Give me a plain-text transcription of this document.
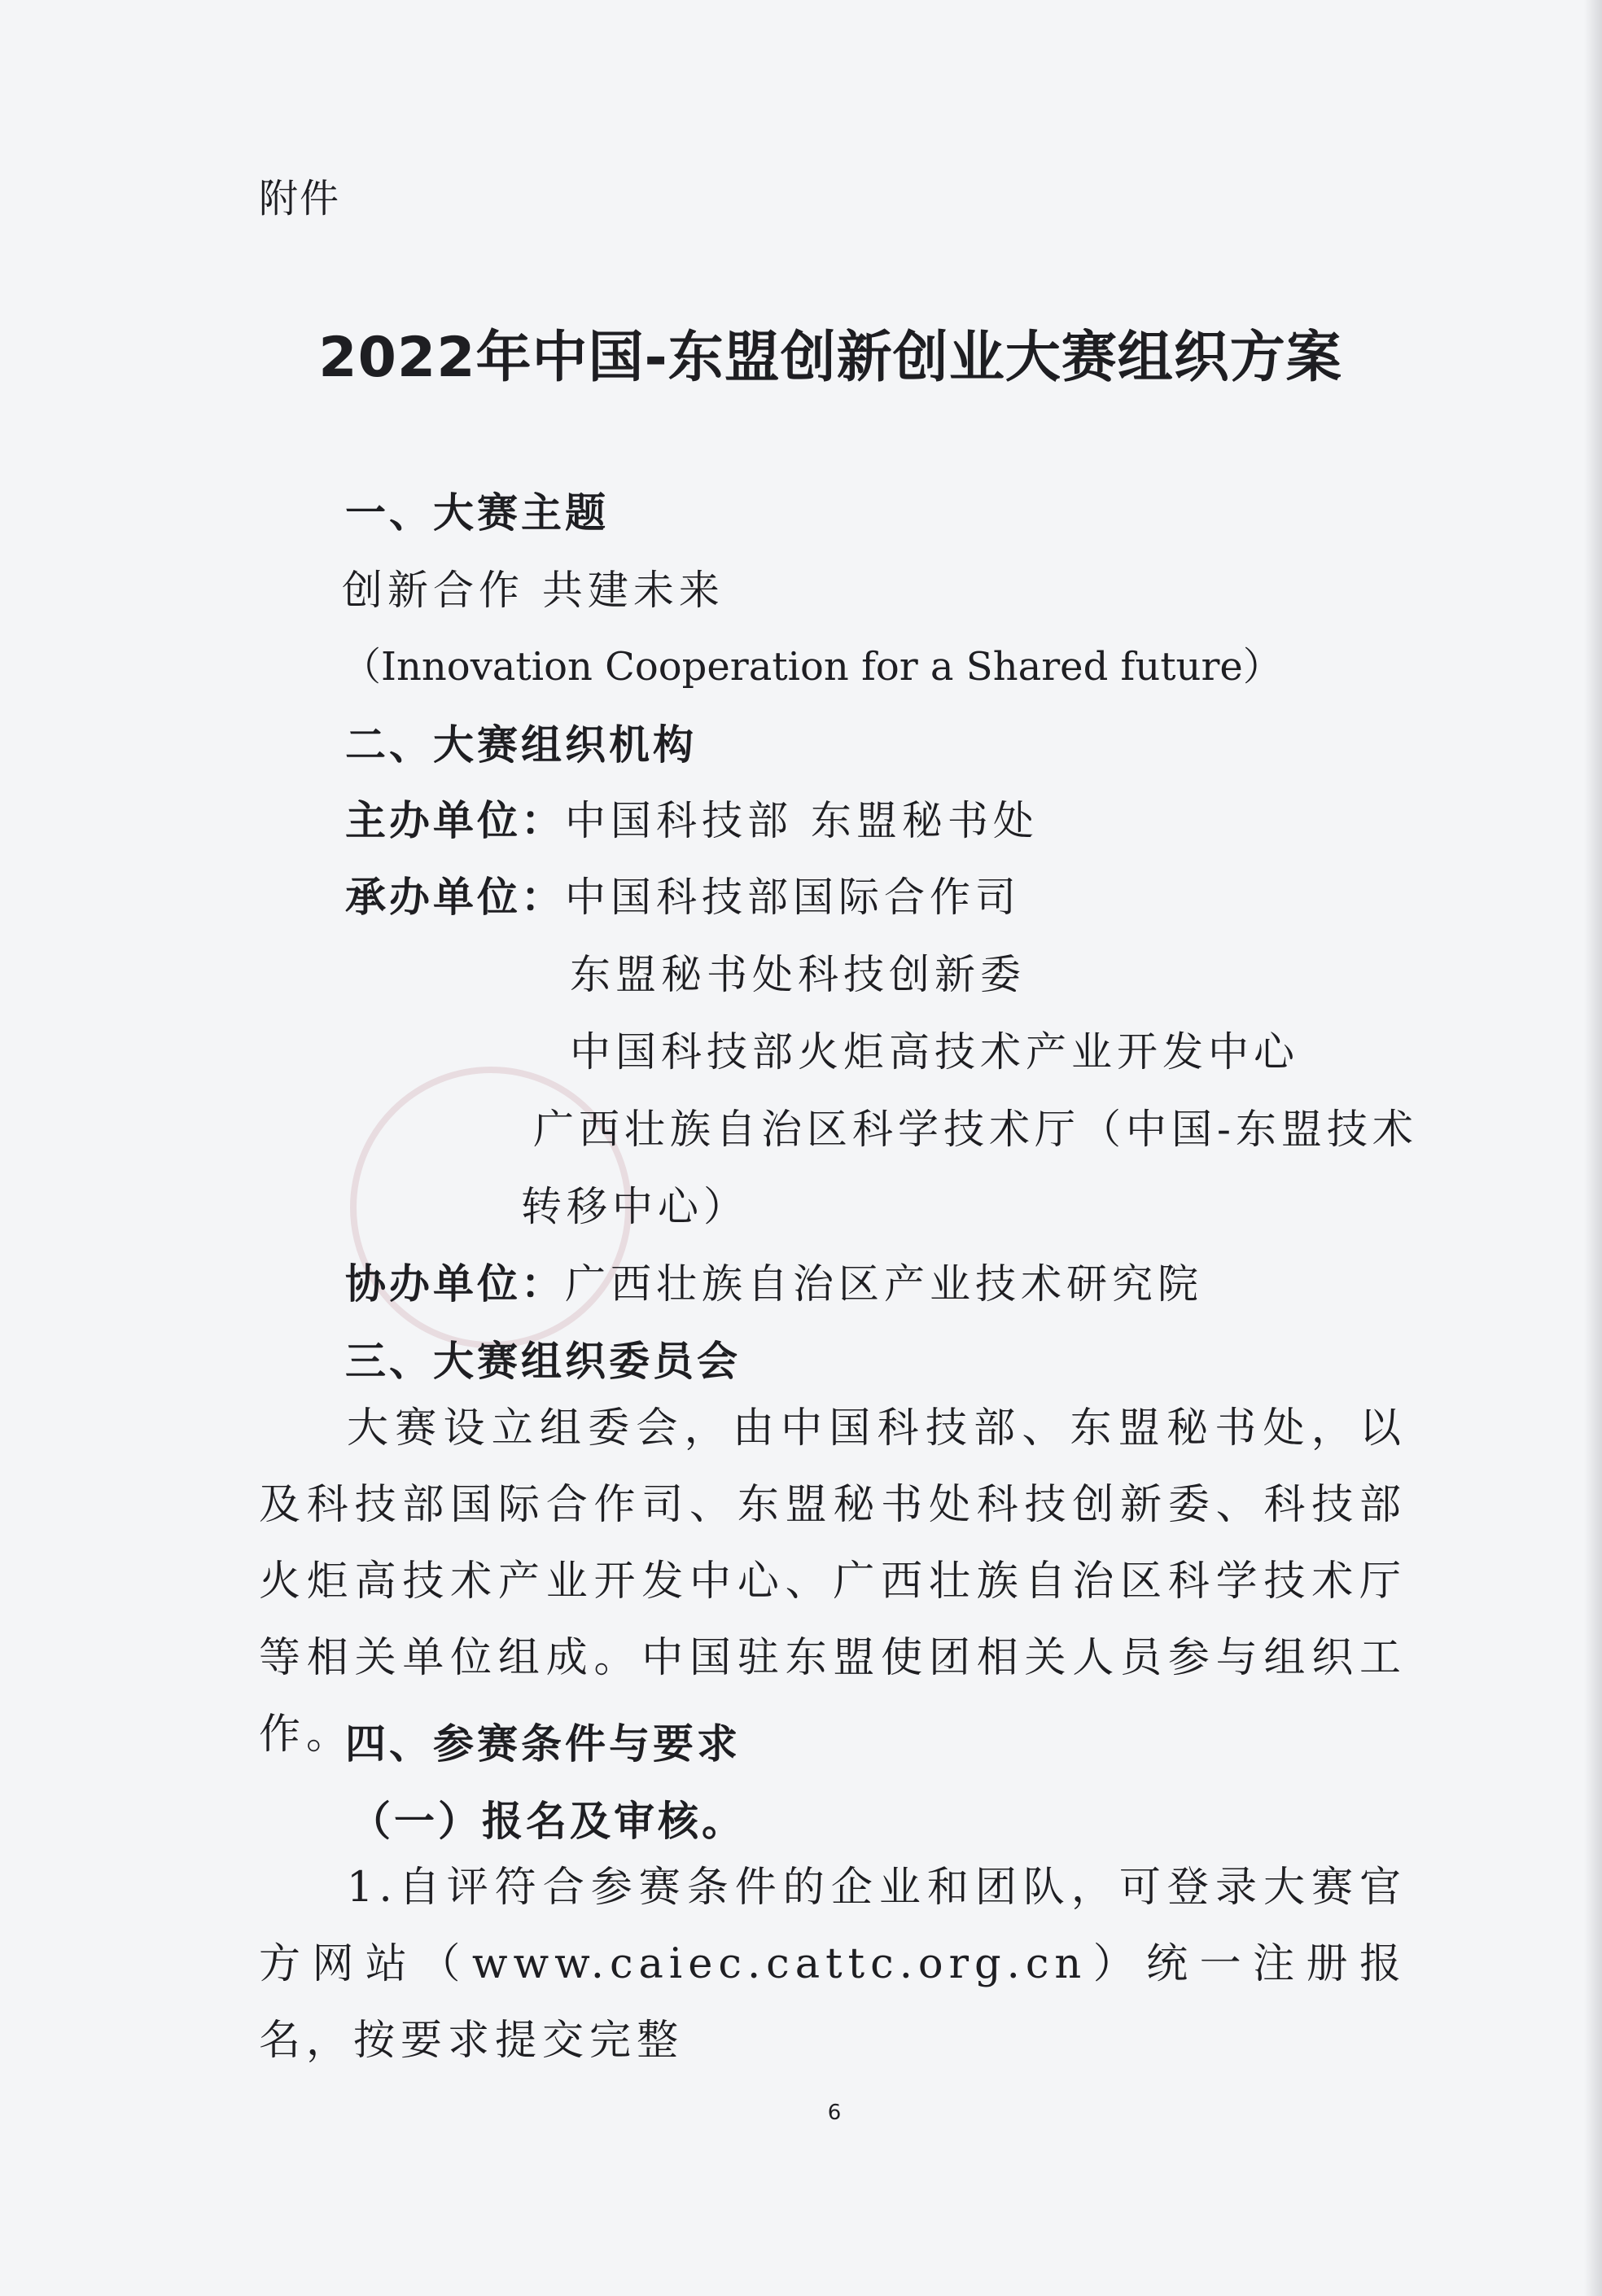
附件
2022年中国-东盟创新创业大赛组织方案
一、大赛主题
创新合作 共建未来
（Innovation Cooperation for a Shared future）
二、大赛组织机构
主办单位：中国科技部 东盟秘书处
承办单位：中国科技部国际合作司
东盟秘书处科技创新委
中国科技部火炬高技术产业开发中心
广西壮族自治区科学技术厅（中国-东盟技术
转移中心）
协办单位：广西壮族自治区产业技术研究院
三、大赛组织委员会
大赛设立组委会，由中国科技部、东盟秘书处，以及科技部国际合作司、东盟秘书处科技创新委、科技部火炬高技术产业开发中心、广西壮族自治区科学技术厅等相关单位组成。中国驻东盟使团相关人员参与组织工作。
四、参赛条件与要求
（一）报名及审核。
1.自评符合参赛条件的企业和团队，可登录大赛官方网站（www.caiec.cattc.org.cn）统一注册报名，按要求提交完整
6
